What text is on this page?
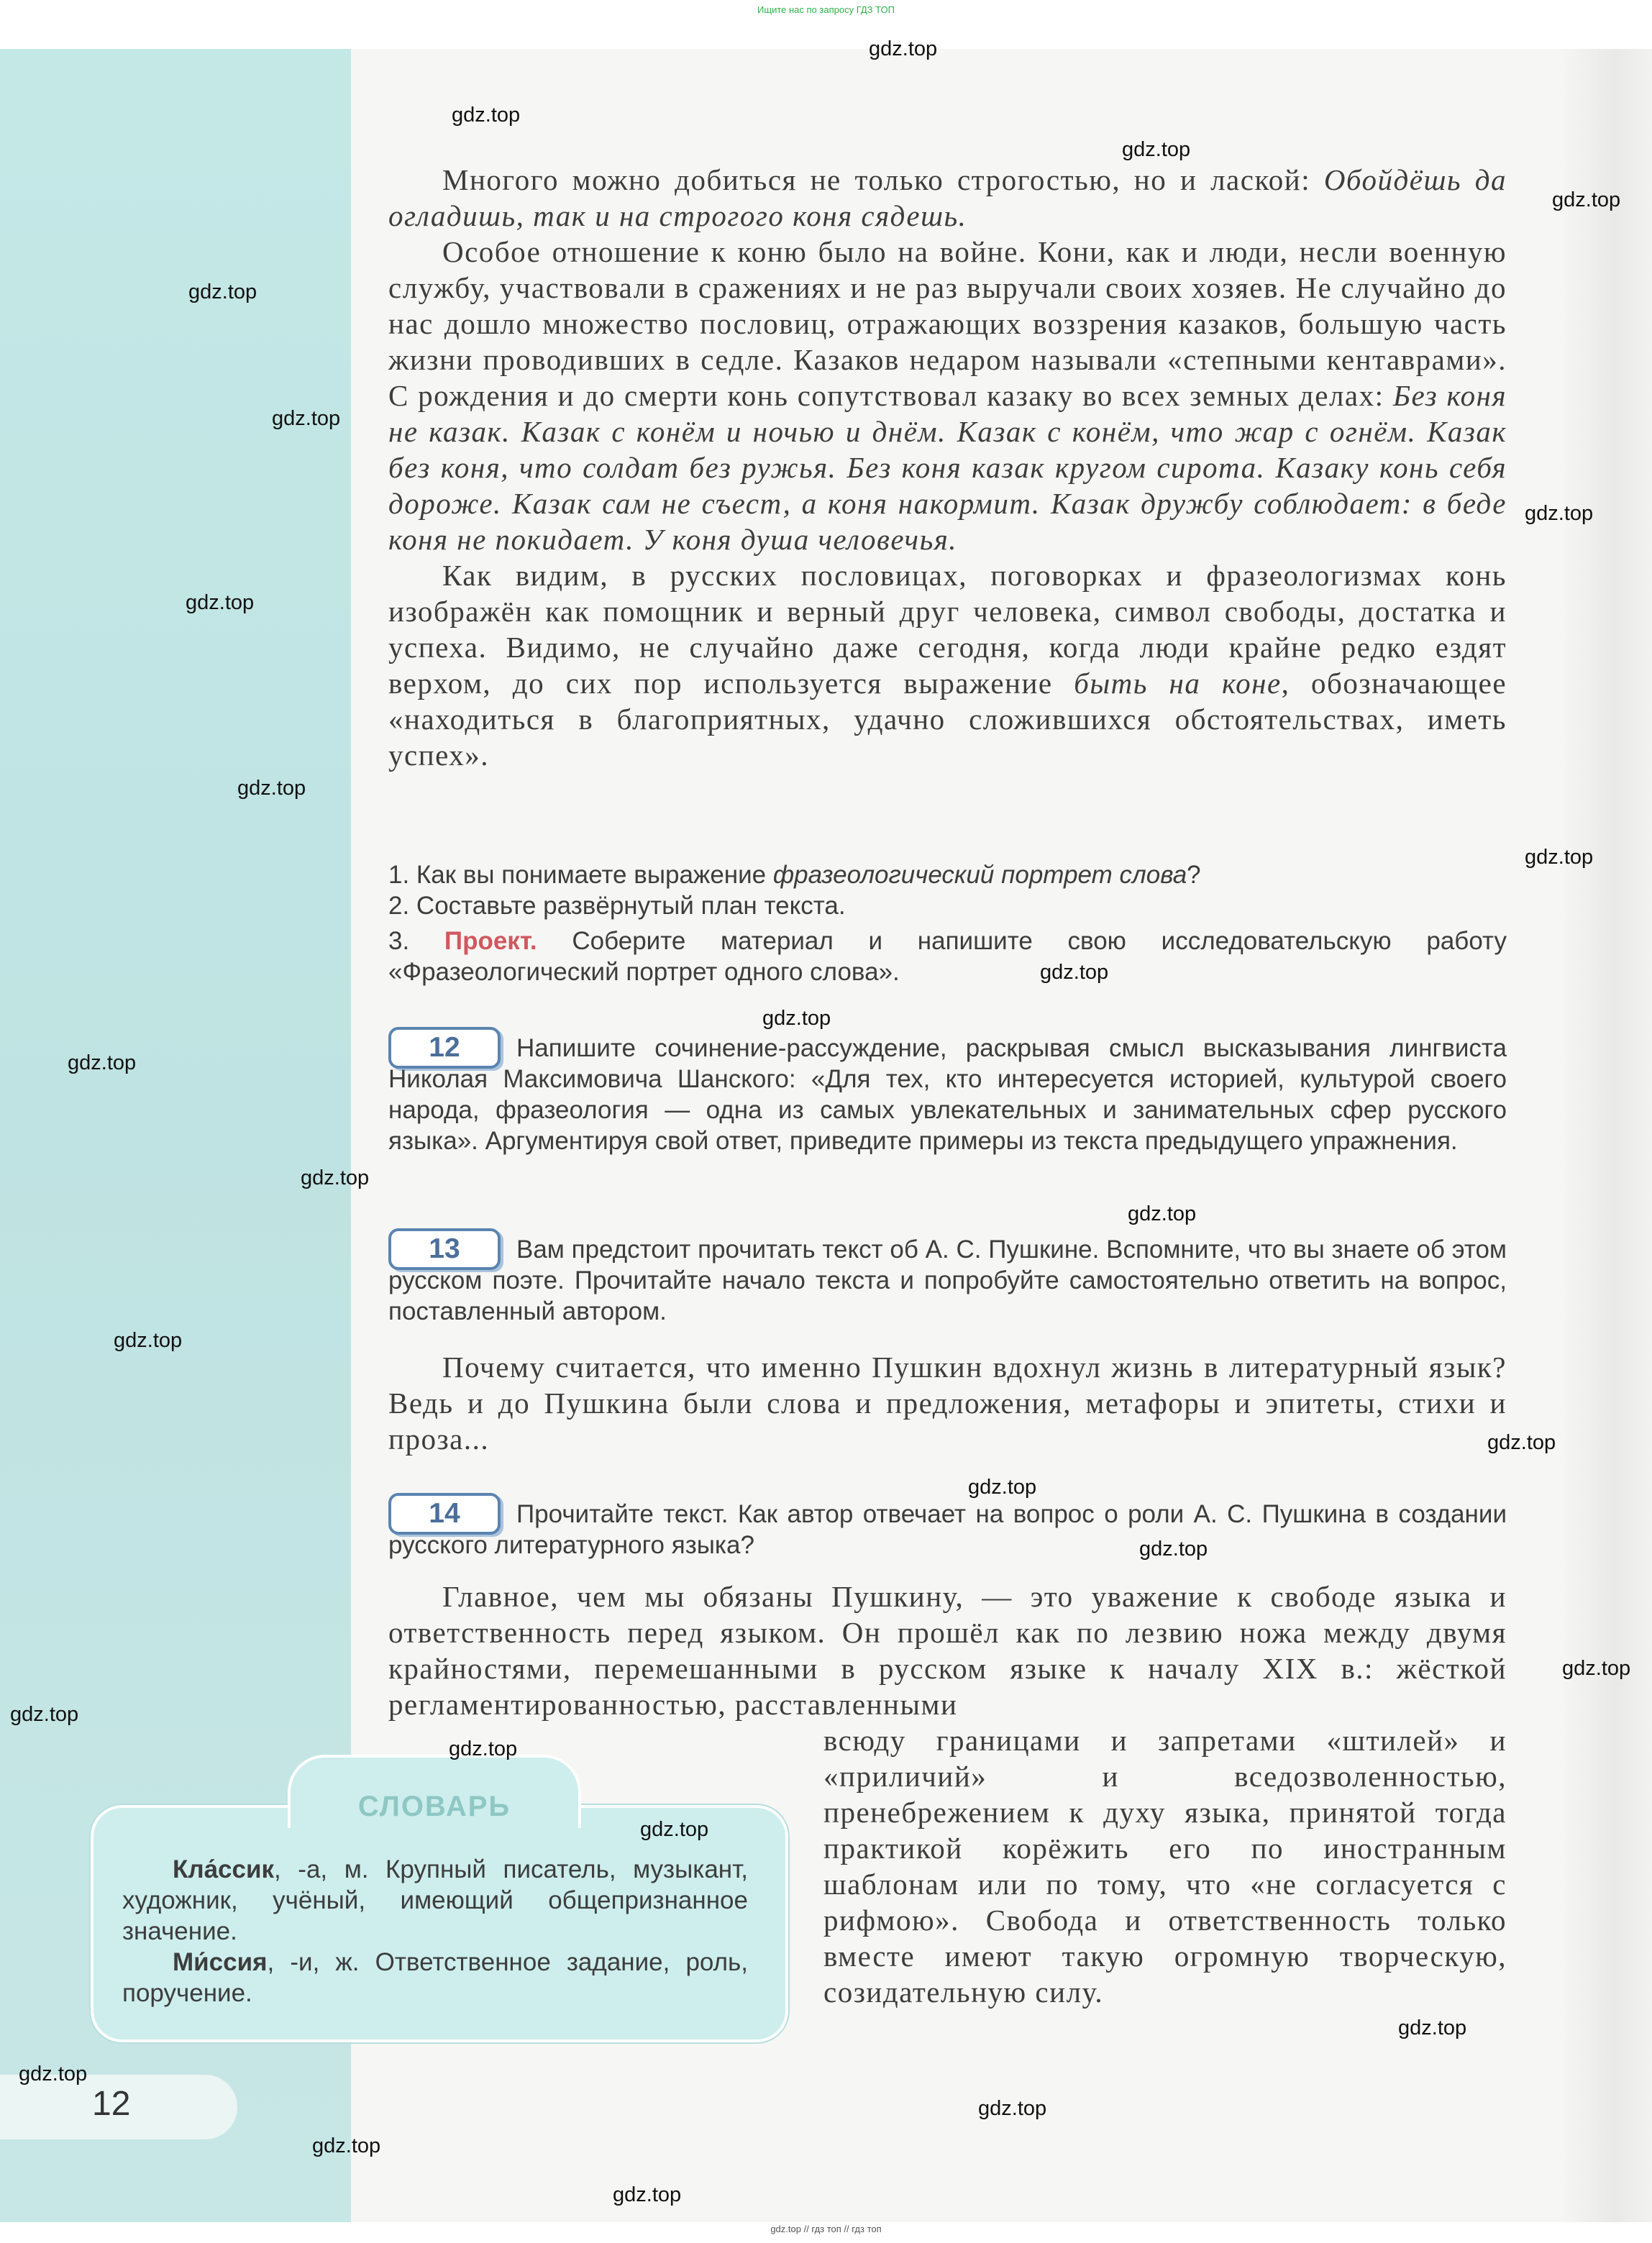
Ищите нас по запросу ГДЗ ТОП

Многого можно добиться не только строгостью, но и лаской: Обойдёшь да огладишь, так и на строгого коня сядешь.

Особое отношение к коню было на войне. Кони, как и люди, несли военную службу, участвовали в сражениях и не раз выручали своих хозяев. Не случайно до нас дошло множество пословиц, отражающих воззрения казаков, большую часть жизни проводивших в седле. Казаков недаром называли «степными кентаврами». С рождения и до смерти конь сопутствовал казаку во всех земных делах: Без коня не казак. Казак с конём и ночью и днём. Казак с конём, что жар с огнём. Казак без коня, что солдат без ружья. Без коня казак кругом сирота. Казаку конь себя дороже. Казак сам не съест, а коня накормит. Казак дружбу соблюдает: в беде коня не покидает. У коня душа человечья.

Как видим, в русских пословицах, поговорках и фразеологизмах конь изображён как помощник и верный друг человека, символ свободы, достатка и успеха. Видимо, не случайно даже сегодня, когда люди крайне редко ездят верхом, до сих пор используется выражение быть на коне, обозначающее «находиться в благоприятных, удачно сложившихся обстоятельствах, иметь успех».

1. Как вы понимаете выражение фразеологический портрет слова?

2. Составьте развёрнутый план текста.

3. Проект. Соберите материал и напишите свою исследовательскую работу «Фразеологический портрет одного слова».

12	Напишите сочинение-рассуждение, раскрывая смысл высказывания лингвиста Николая Максимовича Шанского: «Для тех, кто интересуется историей, культурой своего народа, фразеология — одна из самых увлекательных и занимательных сфер русского языка». Аргументируя свой ответ, приведите примеры из текста предыдущего упражнения.
13	Вам предстоит прочитать текст об А. С. Пушкине. Вспомните, что вы знаете об этом русском поэте. Прочитайте начало текста и попробуйте самостоятельно ответить на вопрос, поставленный автором.

Почему считается, что именно Пушкин вдохнул жизнь в литературный язык? Ведь и до Пушкина были слова и предложения, метафоры и эпитеты, стихи и проза...

14	Прочитайте текст. Как автор отвечает на вопрос о роли А. С. Пушкина в создании русского литературного языка?

Главное, чем мы обязаны Пушкину, — это уважение к свободе языка и ответственность перед языком. Он прошёл как по лезвию ножа между двумя крайностями, перемешанными в русском языке к началу XIX в.: жёсткой регламентированностью, расставленными

всюду границами и запретами «штилей» и «приличий» и вседозволенностью, пренебрежением к духу языка, принятой тогда практикой корёжить его по иностранным шаблонам или по тому, что «не согласуется с рифмою». Свобода и ответственность только вместе имеют такую огромную творческую, созидательную силу.

СЛОВАРЬ

Кла́ссик, -а, м. Крупный писатель, музыкант, художник, учёный, имеющий общепризнанное значение.

Ми́ссия, -и, ж. Ответственное задание, роль, поручение.

12
gdz.top
gdz.top
gdz.top
gdz.top
gdz.top
gdz.top
gdz.top
gdz.top
gdz.top
gdz.top
gdz.top
gdz.top
gdz.top
gdz.top
gdz.top
gdz.top
gdz.top
gdz.top
gdz.top
gdz.top
gdz.top
gdz.top
gdz.top
gdz.top
gdz.top
gdz.top
gdz.top
gdz.top
gdz.top // гдз топ // гдз топ
